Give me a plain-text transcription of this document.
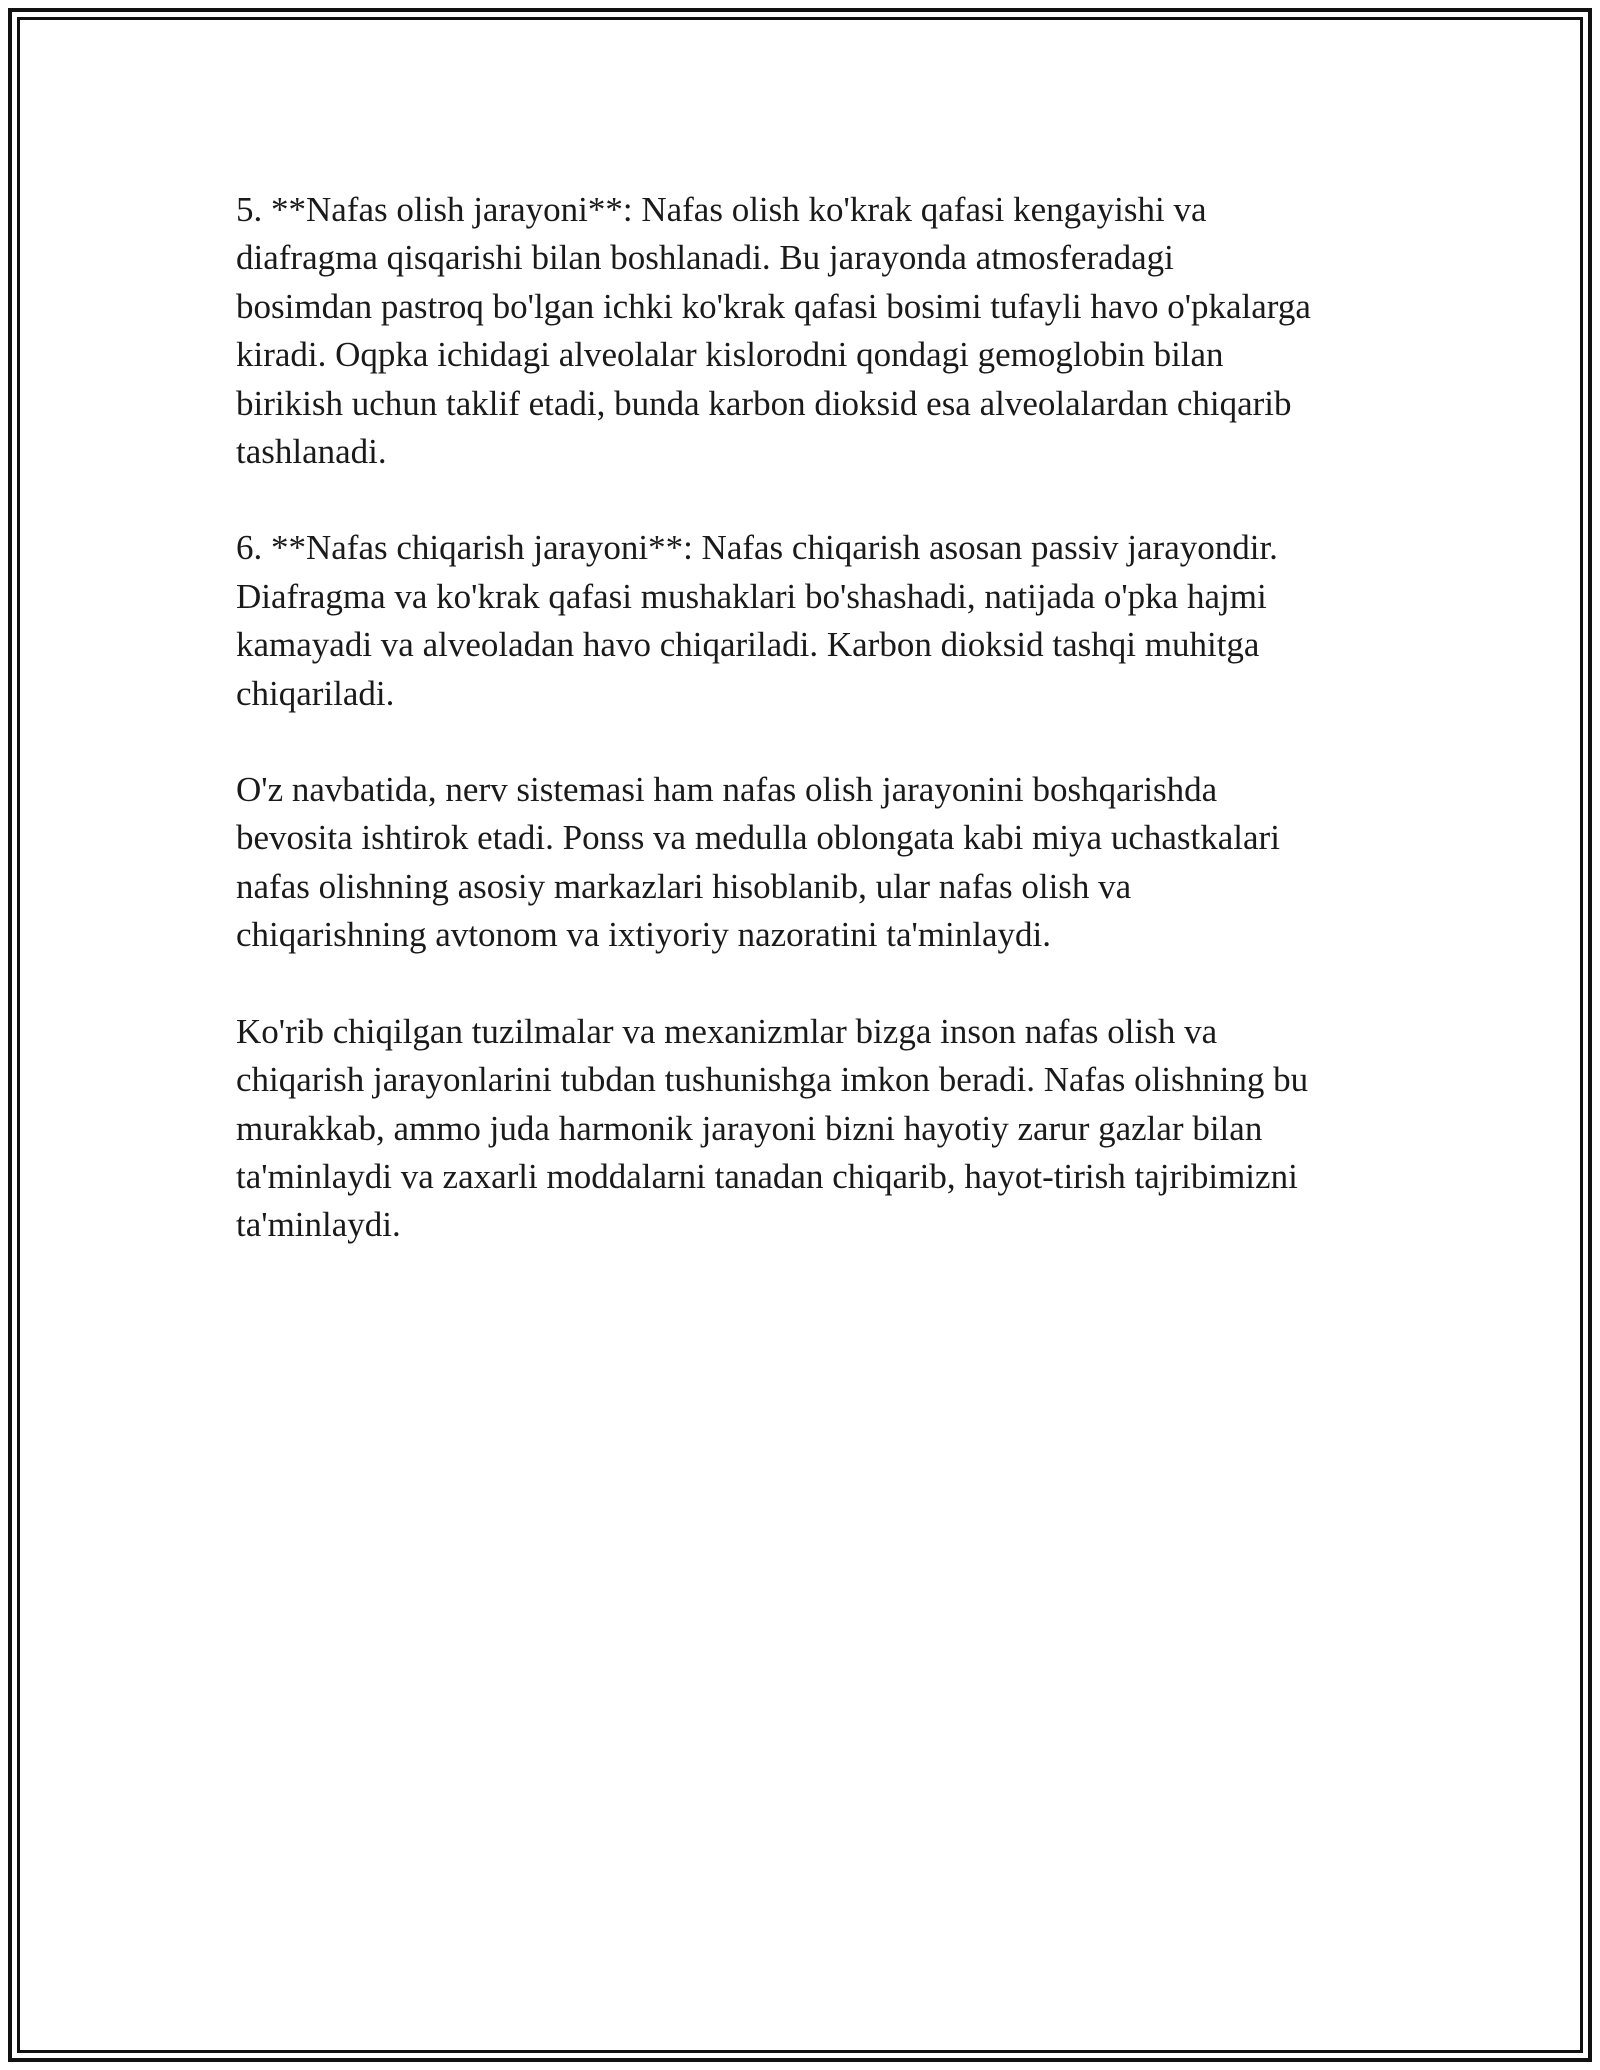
5. **Nafas olish jarayoni**: Nafas olish ko'krak qafasi kengayishi va
diafragma qisqarishi bilan boshlanadi. Bu jarayonda atmosferadagi
bosimdan pastroq bo'lgan ichki ko'krak qafasi bosimi tufayli havo o'pkalarga
kiradi. Oqpka ichidagi alveolalar kislorodni qondagi gemoglobin bilan
birikish uchun taklif etadi, bunda karbon dioksid esa alveolalardan chiqarib
tashlanadi.

6. **Nafas chiqarish jarayoni**: Nafas chiqarish asosan passiv jarayondir.
Diafragma va ko'krak qafasi mushaklari bo'shashadi, natijada o'pka hajmi
kamayadi va alveoladan havo chiqariladi. Karbon dioksid tashqi muhitga
chiqariladi.

O'z navbatida, nerv sistemasi ham nafas olish jarayonini boshqarishda
bevosita ishtirok etadi. Ponss va medulla oblongata kabi miya uchastkalari
nafas olishning asosiy markazlari hisoblanib, ular nafas olish va
chiqarishning avtonom va ixtiyoriy nazoratini ta'minlaydi.

Ko'rib chiqilgan tuzilmalar va mexanizmlar bizga inson nafas olish va
chiqarish jarayonlarini tubdan tushunishga imkon beradi. Nafas olishning bu
murakkab, ammo juda harmonik jarayoni bizni hayotiy zarur gazlar bilan
ta'minlaydi va zaxarli moddalarni tanadan chiqarib, hayot-tirish tajribimizni
ta'minlaydi.
